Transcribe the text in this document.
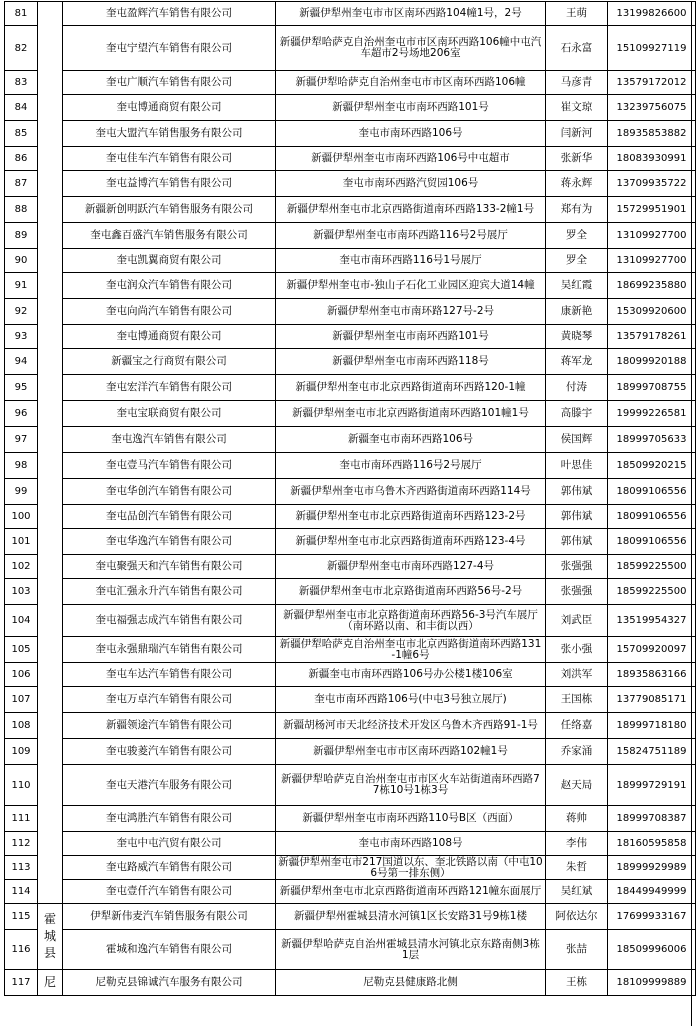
81		奎屯盈辉汽车销售有限公司	新疆伊犁州奎屯市市区南环西路104幢1号，2号	王萌	13199826600
82		奎屯宁望汽车销售有限公司	新疆伊犁哈萨克自治州奎屯市市区南环西路106幢中屯汽车超市2号场地206室	石永富	15109927119
83		奎屯广顺汽车销售有限公司	新疆伊犁哈萨克自治州奎屯市市区南环西路106幢	马彦青	13579172012
84		奎屯博通商贸有限公司	新疆伊犁州奎屯市南环西路101号	崔文琼	13239756075
85		奎屯大盟汽车销售服务有限公司	奎屯市南环西路106号	闫新河	18935853882
86		奎屯佳车汽车销售有限公司	新疆伊犁州奎屯市南环西路106号中屯超市	张新华	18083930991
87		奎屯益博汽车销售有限公司	奎屯市南环西路汽贸园106号	蒋永辉	13709935722
88		新疆新创明跃汽车销售服务有限公司	新疆伊犁州奎屯市北京西路街道南环西路133-2幢1号	郑有为	15729951901
89		奎屯鑫百盛汽车销售服务有限公司	新疆伊犁州奎屯市南环西路116号2号展厅	罗全	13109927700
90		奎屯凯翼商贸有限公司	奎屯市南环西路116号1号展厅	罗全	13109927700
91		奎屯润众汽车销售有限公司	新疆伊犁州奎屯市-独山子石化工业园区迎宾大道14幢	吴红霞	18699235880
92		奎屯向尚汽车销售有限公司	新疆伊犁州奎屯市南环路127号-2号	康新艳	15309920600
93		奎屯博通商贸有限公司	新疆伊犁州奎屯市南环西路101号	黄晓琴	13579178261
94		新疆宝之行商贸有限公司	新疆伊犁州奎屯市南环西路118号	蒋军龙	18099920188
95		奎屯宏洋汽车销售有限公司	新疆伊犁州奎屯市北京西路街道南环西路120-1幢	付涛	18999708755
96		奎屯宝联商贸有限公司	新疆伊犁州奎屯市北京西路街道南环西路101幢1号	高滕宇	19999226581
97		奎屯逸汽车销售有限公司	新疆奎屯市南环西路106号	侯国辉	18999705633
98		奎屯壹马汽车销售有限公司	奎屯市南环西路116号2号展厅	叶思佳	18509920215
99		奎屯华创汽车销售有限公司	新疆伊犁州奎屯市乌鲁木齐西路街道南环西路114号	郭伟斌	18099106556
100		奎屯品创汽车销售有限公司	新疆伊犁州奎屯市北京西路街道南环西路123-2号	郭伟斌	18099106556
101		奎屯华逸汽车销售有限公司	新疆伊犁州奎屯市北京西路街道南环西路123-4号	郭伟斌	18099106556
102		奎屯聚强天和汽车销售有限公司	新疆伊犁州奎屯市南环西路127-4号	张强强	18599225500
103		奎屯汇强永升汽车销售有限公司	新疆伊犁州奎屯市北京路街道南环西路56号-2号	张强强	18599225500
104		奎屯福强志成汽车销售有限公司	新疆伊犁州奎屯市北京路街道南环西路56-3号汽车展厅（南环路以南、和丰街以西）	刘武臣	13519954327
105		奎屯永强鼎瑞汽车销售有限公司	新疆伊犁哈萨克自治州奎屯市北京西路街道南环西路131-1幢6号	张小强	15709920097
106		奎屯车达汽车销售有限公司	新疆奎屯市南环西路106号办公楼1楼106室	刘洪军	18935863166
107		奎屯万卓汽车销售有限公司	奎屯市南环西路106号(中屯3号独立展厅)	王国栋	13779085171
108		新疆领途汽车销售有限公司	新疆胡杨河市天北经济技术开发区乌鲁木齐西路91-1号	任络嘉	18999718180
109		奎屯骏菱汽车销售有限公司	新疆伊犁州奎屯市市区南环西路102幢1号	乔家涌	15824751189
110		奎屯天港汽车服务有限公司	新疆伊犁哈萨克自治州奎屯市市区火车站街道南环西路77栋10号1栋3号	赵天局	18999729191
111		奎屯鸿胜汽车销售有限公司	新疆伊犁州奎屯市南环西路110号B区（西面）	蒋帅	18999708387
112		奎屯中屯汽贸有限公司	奎屯市南环西路108号	李伟	18160595858
113		奎屯路威汽车销售有限公司	新疆伊犁州奎屯市217国道以东、奎北铁路以南（中屯106号第一排东侧）	朱哲	18999929989
114		奎屯壹仟汽车销售有限公司	新疆伊犁州奎屯市北京西路街道南环西路121幢东面展厅	吴红斌	18449949999
115	霍城县	伊犁新伟麦汽车销售服务有限公司	新疆伊犁州霍城县清水河镇1区长安路31号9栋1楼	阿依达尔	17699933167
116		霍城和逸汽车销售有限公司	新疆伊犁哈萨克自治州霍城县清水河镇北京东路南侧3栋1层	张喆	18509996006
117	尼	尼勒克县锦诚汽车服务有限公司	尼勒克县健康路北侧	王栋	18109999889
